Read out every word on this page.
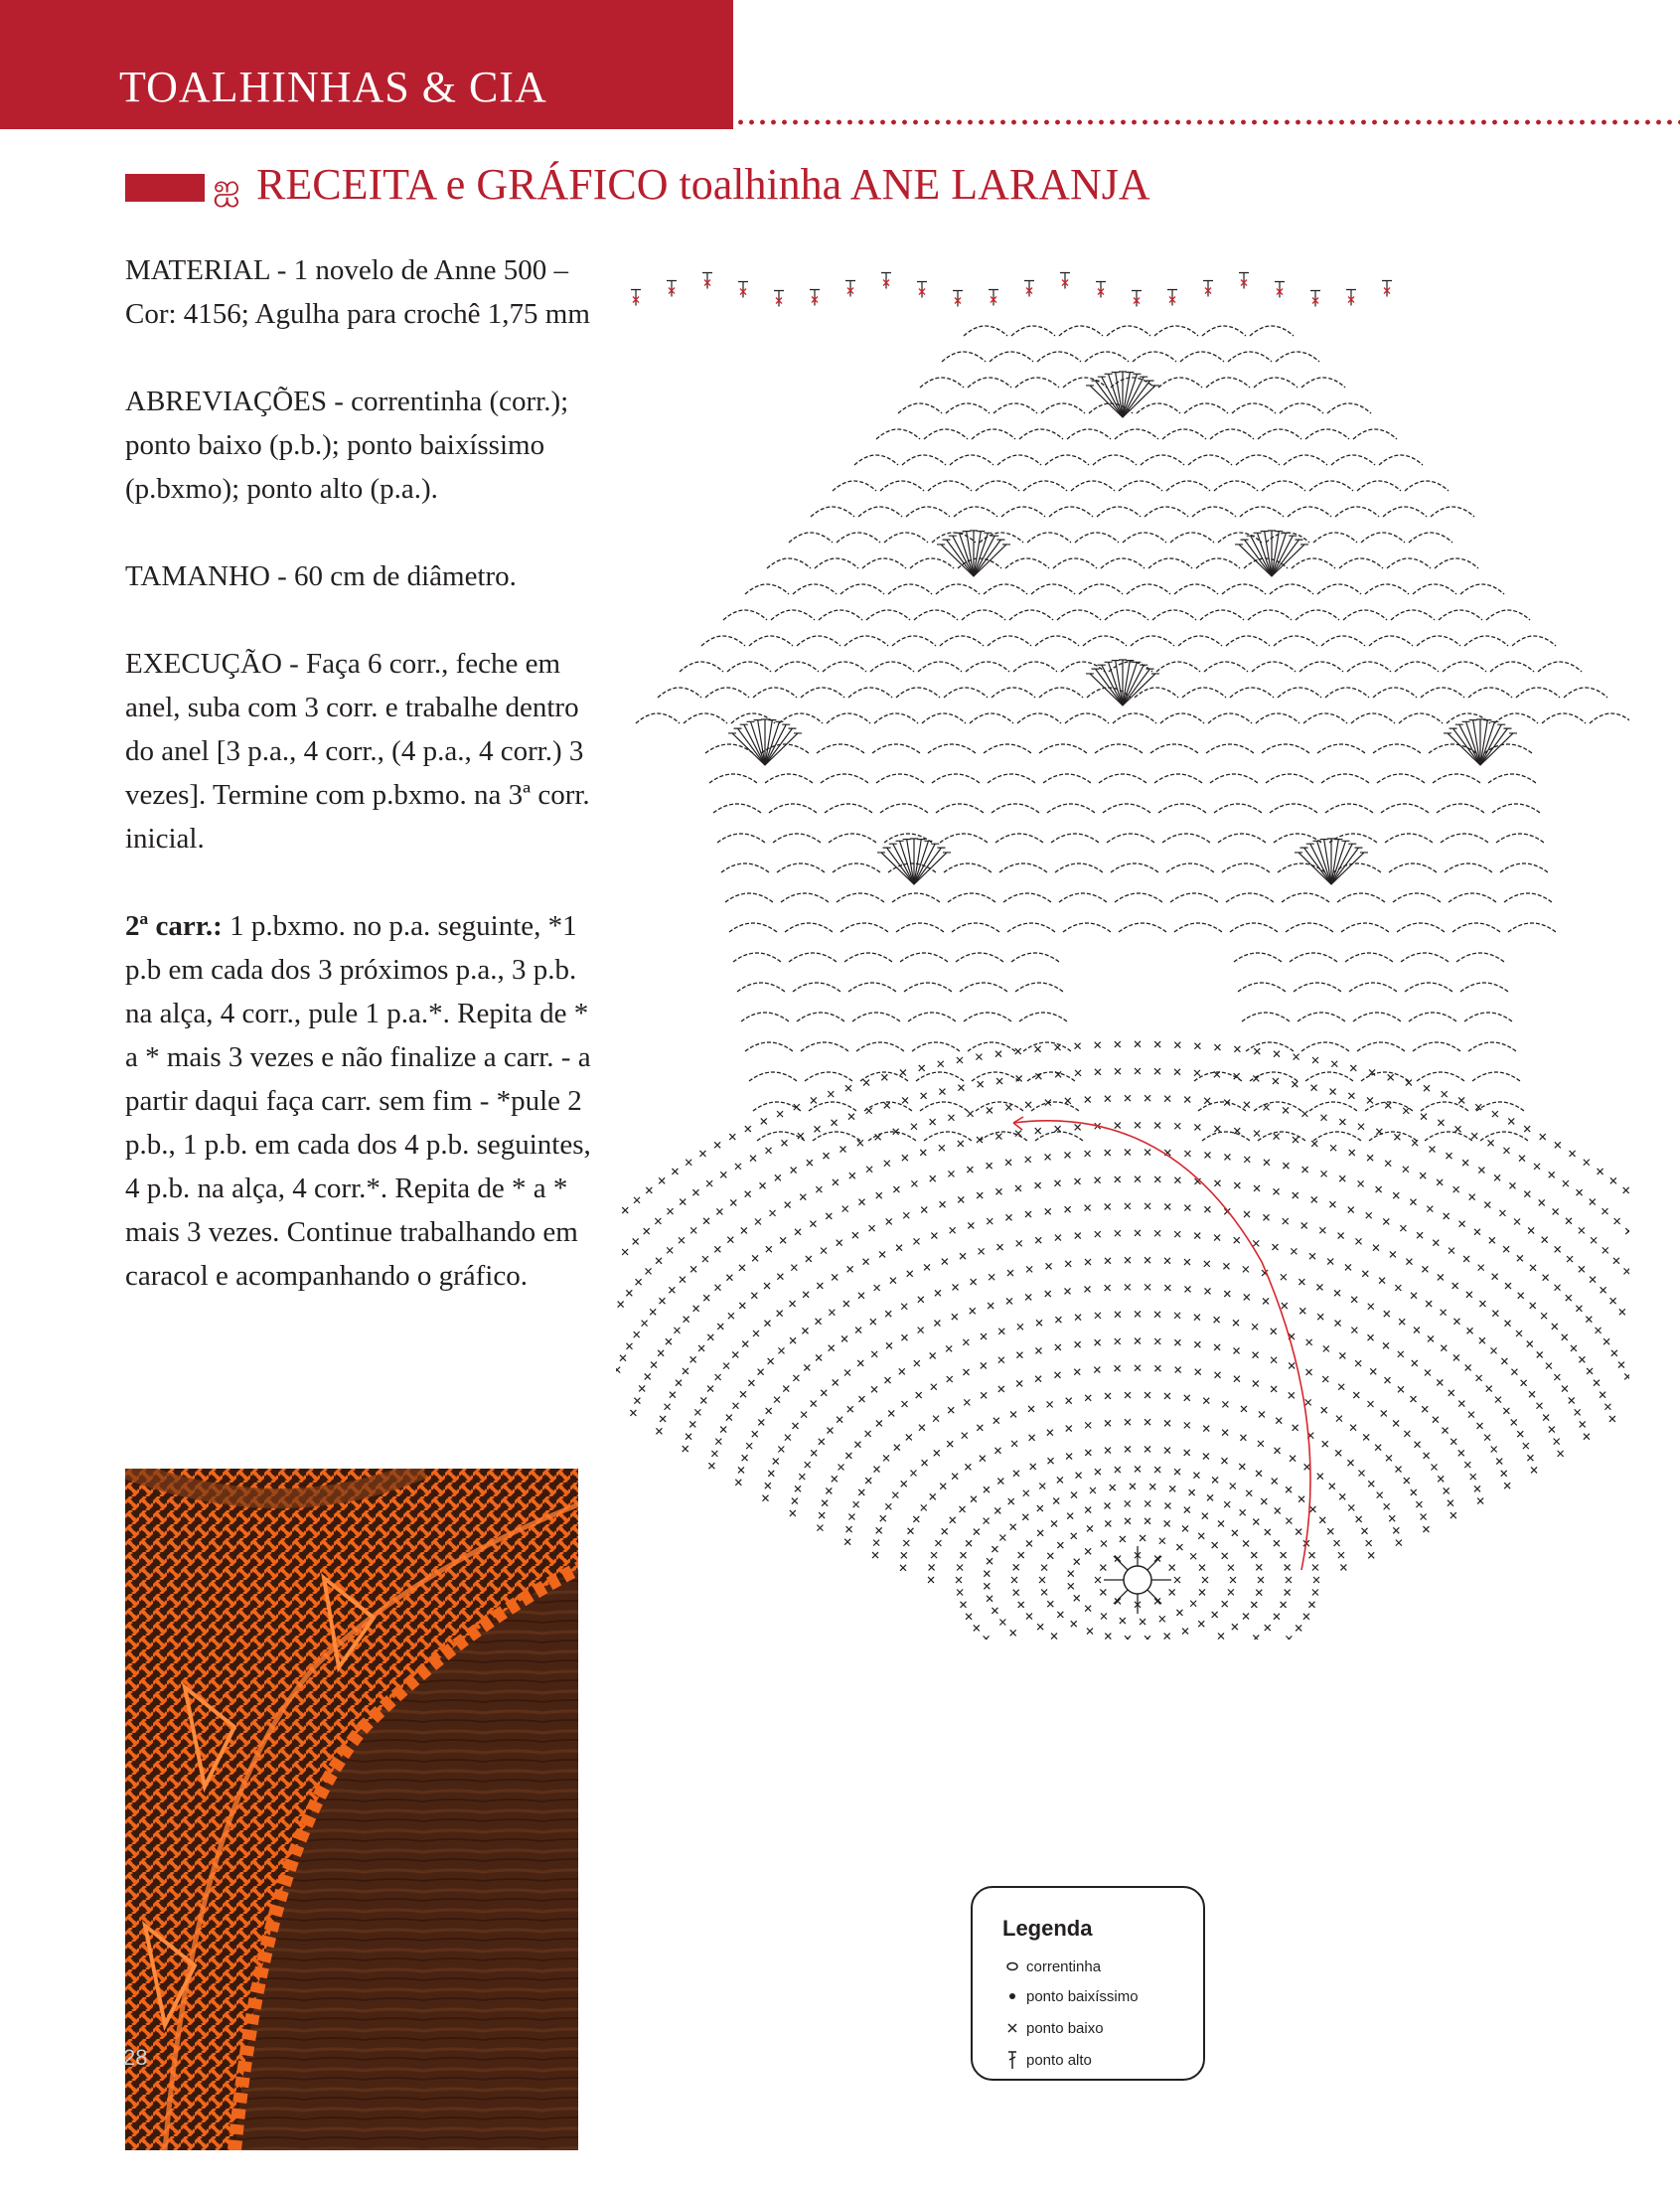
TOALHINHAS & CIA
ஐ RECEITA e GRÁFICO toalhinha ANE LARANJA

MATERIAL - 1 novelo de Anne 500 – Cor: 4156; Agulha para crochê 1,75 mm

ABREVIAÇÕES - correntinha (corr.); ponto baixo (p.b.); ponto baixíssimo (p.bxmo); ponto alto (p.a.).

TAMANHO - 60 cm de diâmetro.

EXECUÇÃO - Faça 6 corr., feche em anel, suba com 3 corr. e trabalhe dentro do anel [3 p.a., 4 corr., (4 p.a., 4 corr.) 3 vezes]. Termine com p.bxmo. na 3ª corr. inicial.

2ª carr.: 1 p.bxmo. no p.a. seguinte, *1 p.b em cada dos 3 próximos p.a., 3 p.b. na alça, 4 corr., pule 1 p.a.*. Repita de * a * mais 3 vezes e não finalize a carr. - a partir daqui faça carr. sem fim - *pule 2 p.b., 1 p.b. em cada dos 4 p.b. seguintes, 4 p.b. na alça, 4 corr.*. Repita de * a * mais 3 vezes. Continue trabalhando em caracol e acompanhando o gráfico.

28
Legenda
correntinha
ponto baixíssimo
ponto baixo
ponto alto
